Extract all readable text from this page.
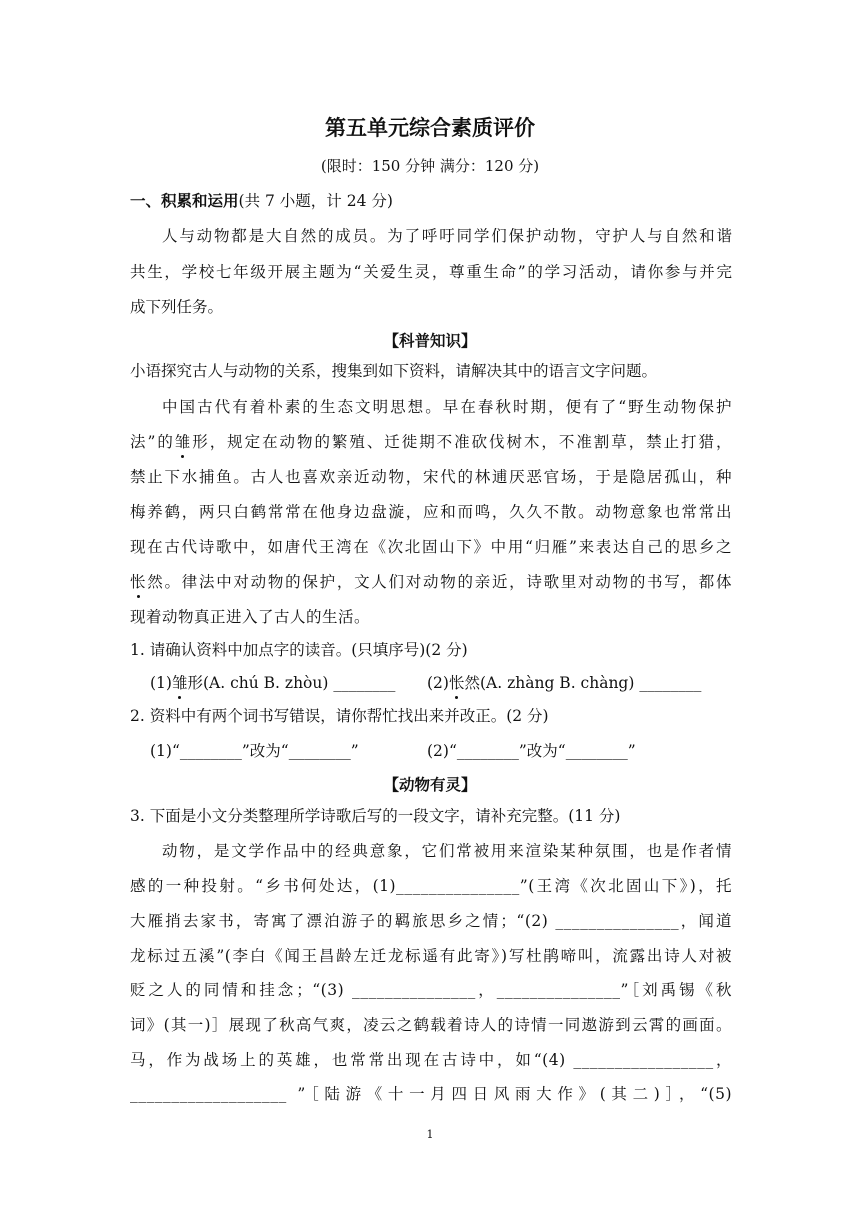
第五单元综合素质评价
(限时：150 分钟 满分：120 分)
一、积累和运用(共 7 小题，计 24 分)
人与动物都是大自然的成员。为了呼吁同学们保护动物，守护人与自然和谐
共生，学校七年级开展主题为“关爱生灵，尊重生命”的学习活动，请你参与并完
成下列任务。
【科普知识】
小语探究古人与动物的关系，搜集到如下资料，请解决其中的语言文字问题。
中国古代有着朴素的生态文明思想。早在春秋时期，便有了“野生动物保护
法”的雏形，规定在动物的繁殖、迁徙期不准砍伐树木，不准割草，禁止打猎，
禁止下水捕鱼。古人也喜欢亲近动物，宋代的林逋厌恶官场，于是隐居孤山，种
梅养鹤，两只白鹤常常在他身边盘漩，应和而鸣，久久不散。动物意象也常常出
现在古代诗歌中，如唐代王湾在《次北固山下》中用“归雁”来表达自己的思乡之
怅然。律法中对动物的保护，文人们对动物的亲近，诗歌里对动物的书写，都体
现着动物真正进入了古人的生活。
1. 请确认资料中加点字的读音。(只填序号)(2 分)
(1)雏形(A. chú B. zhòu) ________ (2)怅然(A. zhàng B. chàng) ________
2. 资料中有两个词书写错误，请你帮忙找出来并改正。(2 分)
(1)“________”改为“________”	(2)“________”改为“________”
【动物有灵】
3. 下面是小文分类整理所学诗歌后写的一段文字，请补充完整。(11 分)
动物，是文学作品中的经典意象，它们常被用来渲染某种氛围，也是作者情
感的一种投射。“乡书何处达，(1)_______________”(王湾《次北固山下》)，托
大雁捎去家书，寄寓了漂泊游子的羁旅思乡之情；“(2) _______________，闻道
龙标过五溪”(李白《闻王昌龄左迁龙标遥有此寄》)写杜鹃啼叫，流露出诗人对被
贬之人的同情和挂念；“(3) _______________，_______________”［刘禹锡《秋
词》(其一)］展现了秋高气爽，凌云之鹤载着诗人的诗情一同遨游到云霄的画面。
马，作为战场上的英雄，也常常出现在古诗中，如“(4) _________________，
___________________ ”［陆游《十一月四日风雨大作》(其二)］，“(5)
1
